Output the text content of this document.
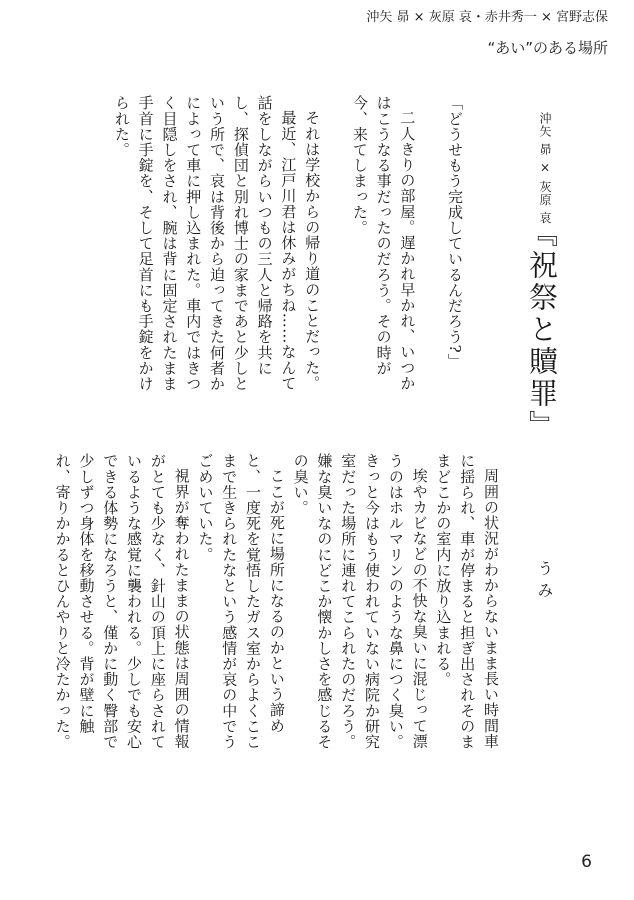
沖矢 昴 × 灰原 哀・赤井秀一 × 宮野志保
“あい”のある場所
沖矢 昴 × 灰原 哀
『祝祭と贖罪』
うみ

「どうせもう完成しているんだろう?」

二人きりの部屋。遅かれ早かれ、いつかはこうなる事だったのだろう。その時が今、来てしまった。

それは学校からの帰り道のことだった。

最近、江戸川君は休みがちね……なんて話をしながらいつもの三人と帰路を共にし、探偵団と別れ博士の家まであと少しという所で、哀は背後から迫ってきた何者かによって車に押し込まれた。車内ではきつく目隠しをされ、腕は背に固定されたまま手首に手錠を、そして足首にも手錠をかけられた。

周囲の状況がわからないまま長い時間車に揺られ、車が停まると担ぎ出されそのままどこかの室内に放り込まれる。

埃やカビなどの不快な臭いに混じって漂うのはホルマリンのような鼻につく臭い。きっと今はもう使われていない病院か研究室だった場所に連れてこられたのだろう。嫌な臭いなのにどこか懐かしさを感じるその臭い。

ここが死に場所になるのかという諦めと、一度死を覚悟したガス室からよくここまで生きられたなという感情が哀の中でうごめいていた。

視界が奪われたままの状態は周囲の情報がとても少なく、針山の頂上に座らされているような感覚に襲われる。少しでも安心できる体勢になろうと、僅かに動く臀部で少しずつ身体を移動させる。背が壁に触れ、寄りかかるとひんやりと冷たかった。

6
